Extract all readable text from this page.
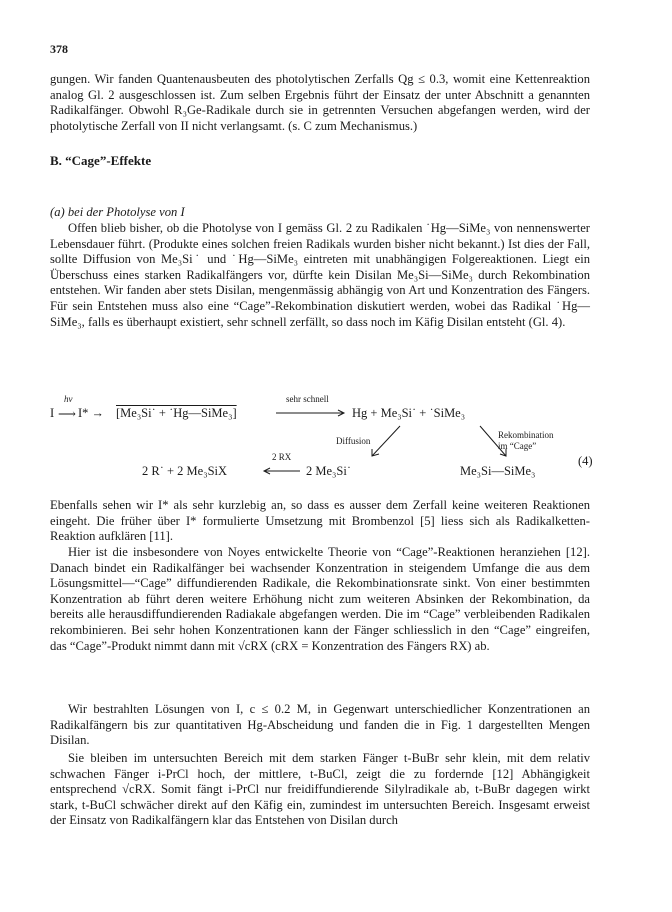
378

gungen. Wir fanden Quantenausbeuten des photolytischen Zerfalls Qg ≤ 0.3, womit eine Kettenreaktion analog Gl. 2 ausgeschlossen ist. Zum selben Ergebnis führt der Einsatz der unter Abschnitt a genannten Radikalfänger. Obwohl R₃Ge-Radikale durch sie in getrennten Versuchen abgefangen werden, wird der photolytische Zerfall von II nicht verlangsamt. (s. C zum Mechanismus.)

B. “Cage”-Effekte
(a) bei der Photolyse von I

Offen blieb bisher, ob die Photolyse von I gemäss Gl. 2 zu Radikalen ˙Hg—SiMe₃ von nennenswerter Lebensdauer führt. (Produkte eines solchen freien Radikals wurden bisher nicht bekannt.) Ist dies der Fall, sollte Diffusion von Me₃Si˙ und ˙Hg—SiMe₃ eintreten mit unabhängigen Folgereaktionen. Liegt ein Überschuss eines starken Radikalfängers vor, dürfte kein Disilan Me₃Si—SiMe₃ durch Rekombination entstehen. Wir fanden aber stets Disilan, mengenmässig abhängig von Art und Konzentration des Fängers. Für sein Entstehen muss also eine “Cage”-Rekombination diskutiert werden, wobei das Radikal ˙Hg—SiMe₃, falls es überhaupt existiert, sehr schnell zerfällt, so dass noch im Käfig Disilan entsteht (Gl. 4).

hν
I ⟶ I* → [Me₃Si˙ + ˙Hg—SiMe₃]
sehr schnell
Hg + Me₃Si˙ + ˙SiMe₃
Diffusion
Rekombination
im “Cage”
2 R˙ + 2 Me₃SiX
2 RX
2 Me₃Si˙	Me₃Si—SiMe₃
(4)

Ebenfalls sehen wir I* als sehr kurzlebig an, so dass es ausser dem Zerfall keine weiteren Reaktionen eingeht. Die früher über I* formulierte Umsetzung mit Brombenzol [5] liess sich als Radikalketten-Reaktion aufklären [11].

Hier ist die insbesondere von Noyes entwickelte Theorie von “Cage”-Reaktionen heranziehen [12]. Danach bindet ein Radikalfänger bei wachsender Konzentration in steigendem Umfange die aus dem Lösungsmittel—“Cage” diffundierenden Radikale, die Rekombinationsrate sinkt. Von einer bestimmten Konzentration ab führt deren weitere Erhöhung nicht zum weiteren Absinken der Rekombination, da bereits alle herausdiffundierenden Radiakale abgefangen werden. Die im “Cage” verbleibenden Radikalen rekombinieren. Bei sehr hohen Konzentrationen kann der Fänger schliesslich in den “Cage” eingreifen, das “Cage”-Produkt nimmt dann mit √cRX (cRX = Konzentration des Fängers RX) ab.

Wir bestrahlten Lösungen von I, c ≤ 0.2 M, in Gegenwart unterschiedlicher Konzentrationen an Radikalfängern bis zur quantitativen Hg-Abscheidung und fanden die in Fig. 1 dargestellten Mengen Disilan.

Sie bleiben im untersuchten Bereich mit dem starken Fänger t-BuBr sehr klein, mit dem relativ schwachen Fänger i-PrCl hoch, der mittlere, t-BuCl, zeigt die zu fordernde [12] Abhängigkeit entsprechend √cRX. Somit fängt i-PrCl nur freidiffundierende Silylradikale ab, t-BuBr dagegen wirkt stark, t-BuCl schwächer direkt auf den Käfig ein, zumindest im untersuchten Bereich. Insgesamt erweist der Einsatz von Radikalfängern klar das Entstehen von Disilan durch
